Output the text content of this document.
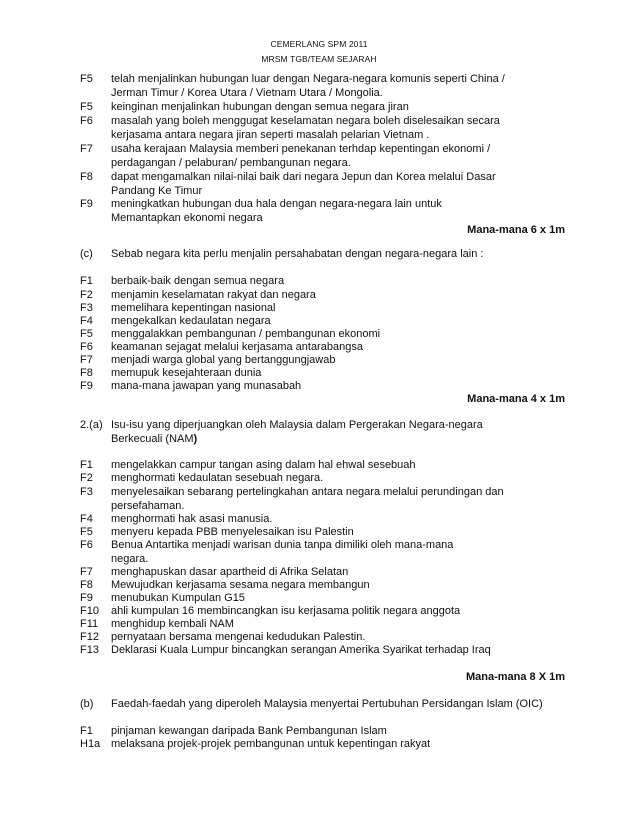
CEMERLANG SPM 2011
MRSM TGB/TEAM SEJARAH
F5 telah menjalinkan hubungan luar dengan Negara-negara komunis seperti China /
Jerman Timur / Korea Utara / Vietnam Utara / Mongolia.
F5 keinginan menjalinkan hubungan dengan semua negara jiran
F6 masalah yang boleh menggugat keselamatan negara boleh diselesaikan secara
kerjasama antara negara jiran seperti masalah pelarian Vietnam .
F7 usaha kerajaan Malaysia memberi penekanan terhdap kepentingan ekonomi /
perdagangan / pelaburan/ pembangunan negara.
F8 dapat mengamalkan nilai-nilai baik dari negara Jepun dan Korea melalui Dasar
Pandang Ke Timur
F9 meningkatkan hubungan dua hala dengan negara-negara lain untuk
Memantapkan ekonomi negara
Mana-mana 6 x 1m
(c) Sebab negara kita perlu menjalin persahabatan dengan negara-negara lain :
F1 berbaik-baik dengan semua negara
F2 menjamin keselamatan rakyat dan negara
F3 memelihara kepentingan nasional
F4 mengekalkan kedaulatan negara
F5 menggalakkan pembangunan / pembangunan ekonomi
F6 keamanan sejagat melalui kerjasama antarabangsa
F7 menjadi warga global yang bertanggungjawab
F8 memupuk kesejahteraan dunia
F9 mana-mana jawapan yang munasabah
Mana-mana 4 x 1m
2.(a) Isu-isu yang diperjuangkan oleh Malaysia dalam Pergerakan Negara-negara
Berkecuali (NAM)
F1 mengelakkan campur tangan asing dalam hal ehwal sesebuah
F2 menghormati kedaulatan sesebuah negara.
F3 menyelesaikan sebarang pertelingkahan antara negara melalui perundingan dan
persefahaman.
F4 menghormati hak asasi manusia.
F5 menyeru kepada PBB menyelesaikan isu Palestin
F6 Benua Antartika menjadi warisan dunia tanpa dimiliki oleh mana-mana
negara.
F7 menghapuskan dasar apartheid di Afrika Selatan
F8 Mewujudkan kerjasama sesama negara membangun
F9 menubukan Kumpulan G15
F10 ahli kumpulan 16 membincangkan isu kerjasama politik negara anggota
F11 menghidup kembali NAM
F12 pernyataan bersama mengenai kedudukan Palestin.
F13 Deklarasi Kuala Lumpur bincangkan serangan Amerika Syarikat terhadap Iraq
Mana-mana 8 X 1m
(b) Faedah-faedah yang diperoleh Malaysia menyertai Pertubuhan Persidangan Islam (OIC)
F1 pinjaman kewangan daripada Bank Pembangunan Islam
H1a melaksana projek-projek pembangunan untuk kepentingan rakyat
